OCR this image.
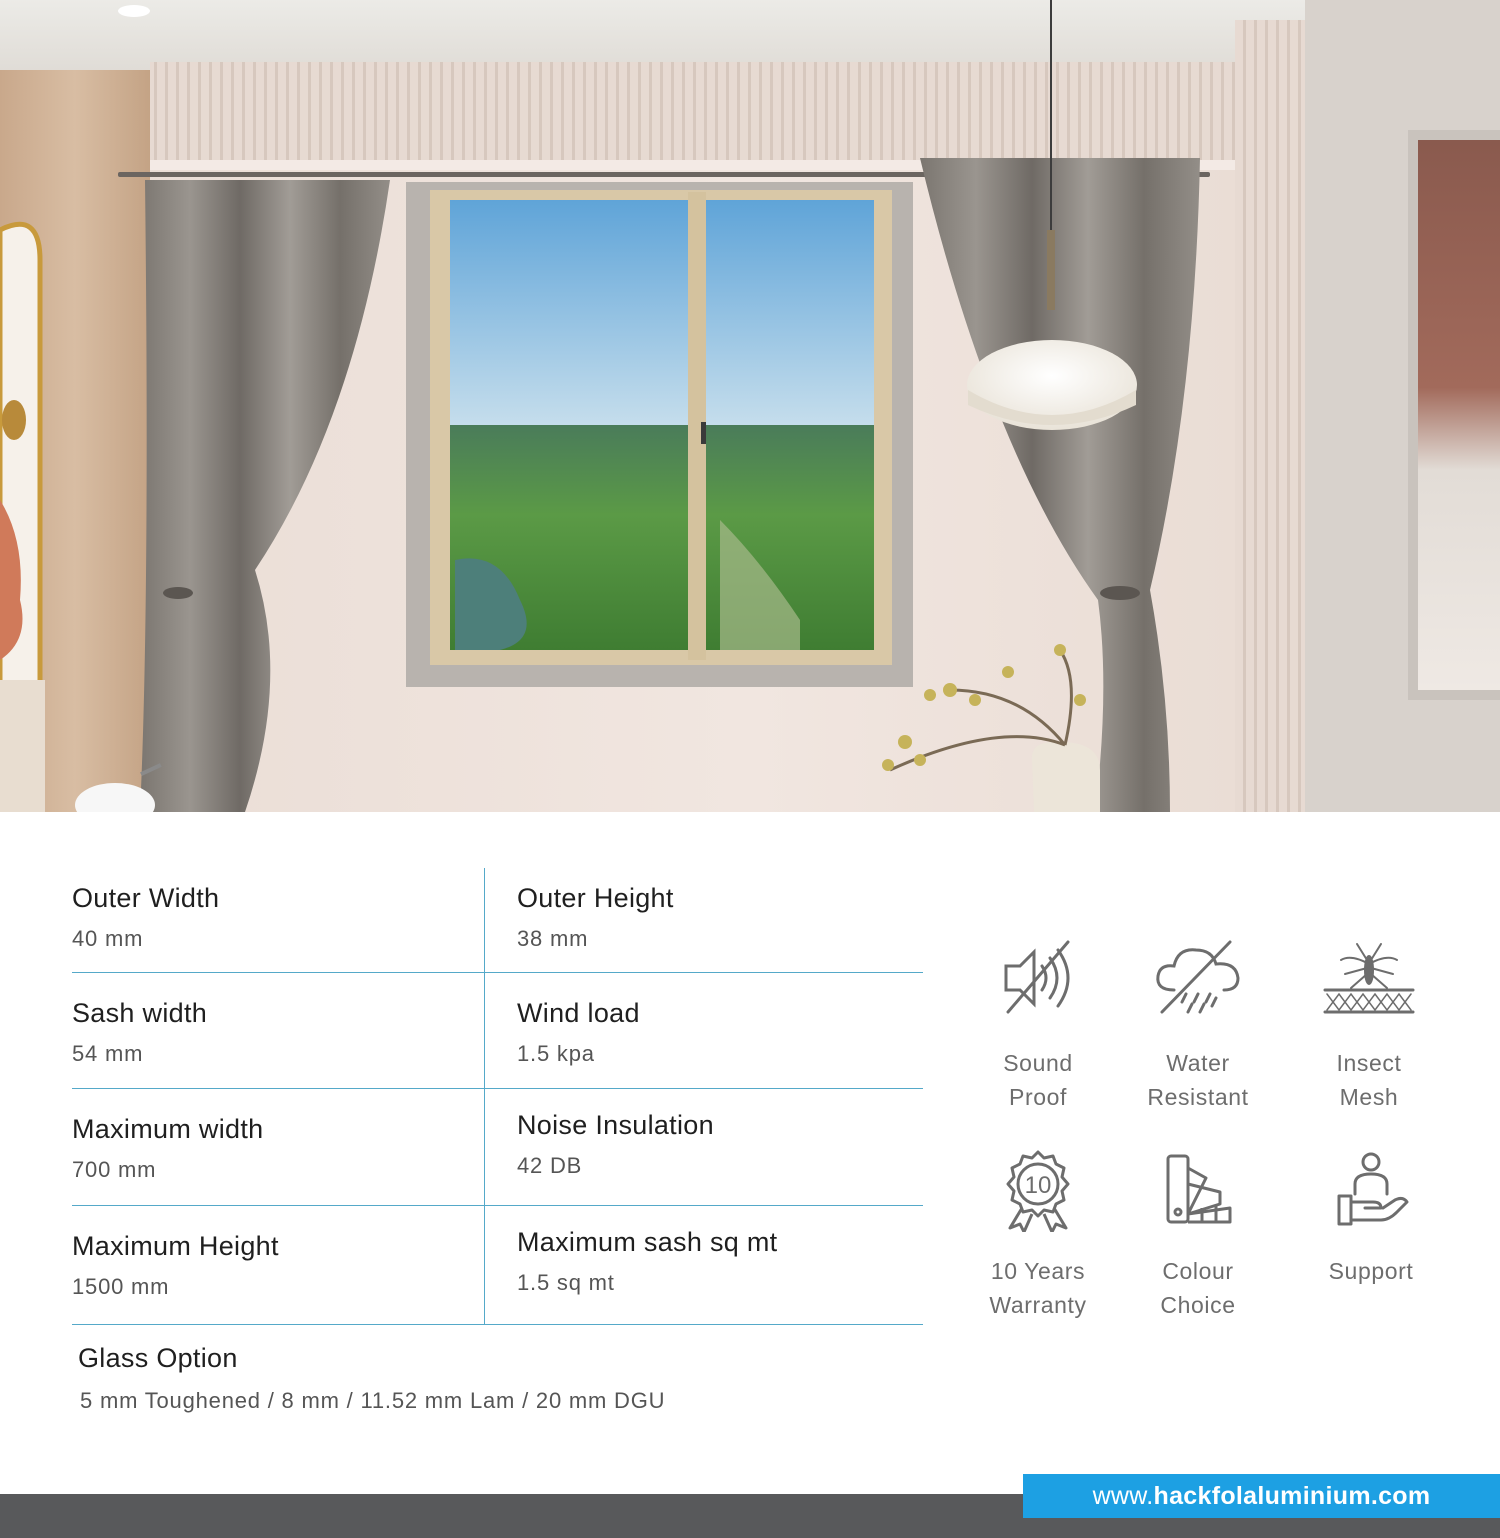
Outer Width
40 mm
Outer Height
38 mm
Sash width
54 mm
Wind load
1.5 kpa
Maximum width
700 mm
Noise Insulation
42 DB
Maximum Height
1500 mm
Maximum sash sq mt
1.5 sq mt
Glass Option
5 mm Toughened / 8 mm / 11.52 mm Lam / 20 mm DGU
Sound
Proof
Water
Resistant
Insect
Mesh
10
10 Years
Warranty
Colour
Choice
Support
www.hackfolaluminium.com
